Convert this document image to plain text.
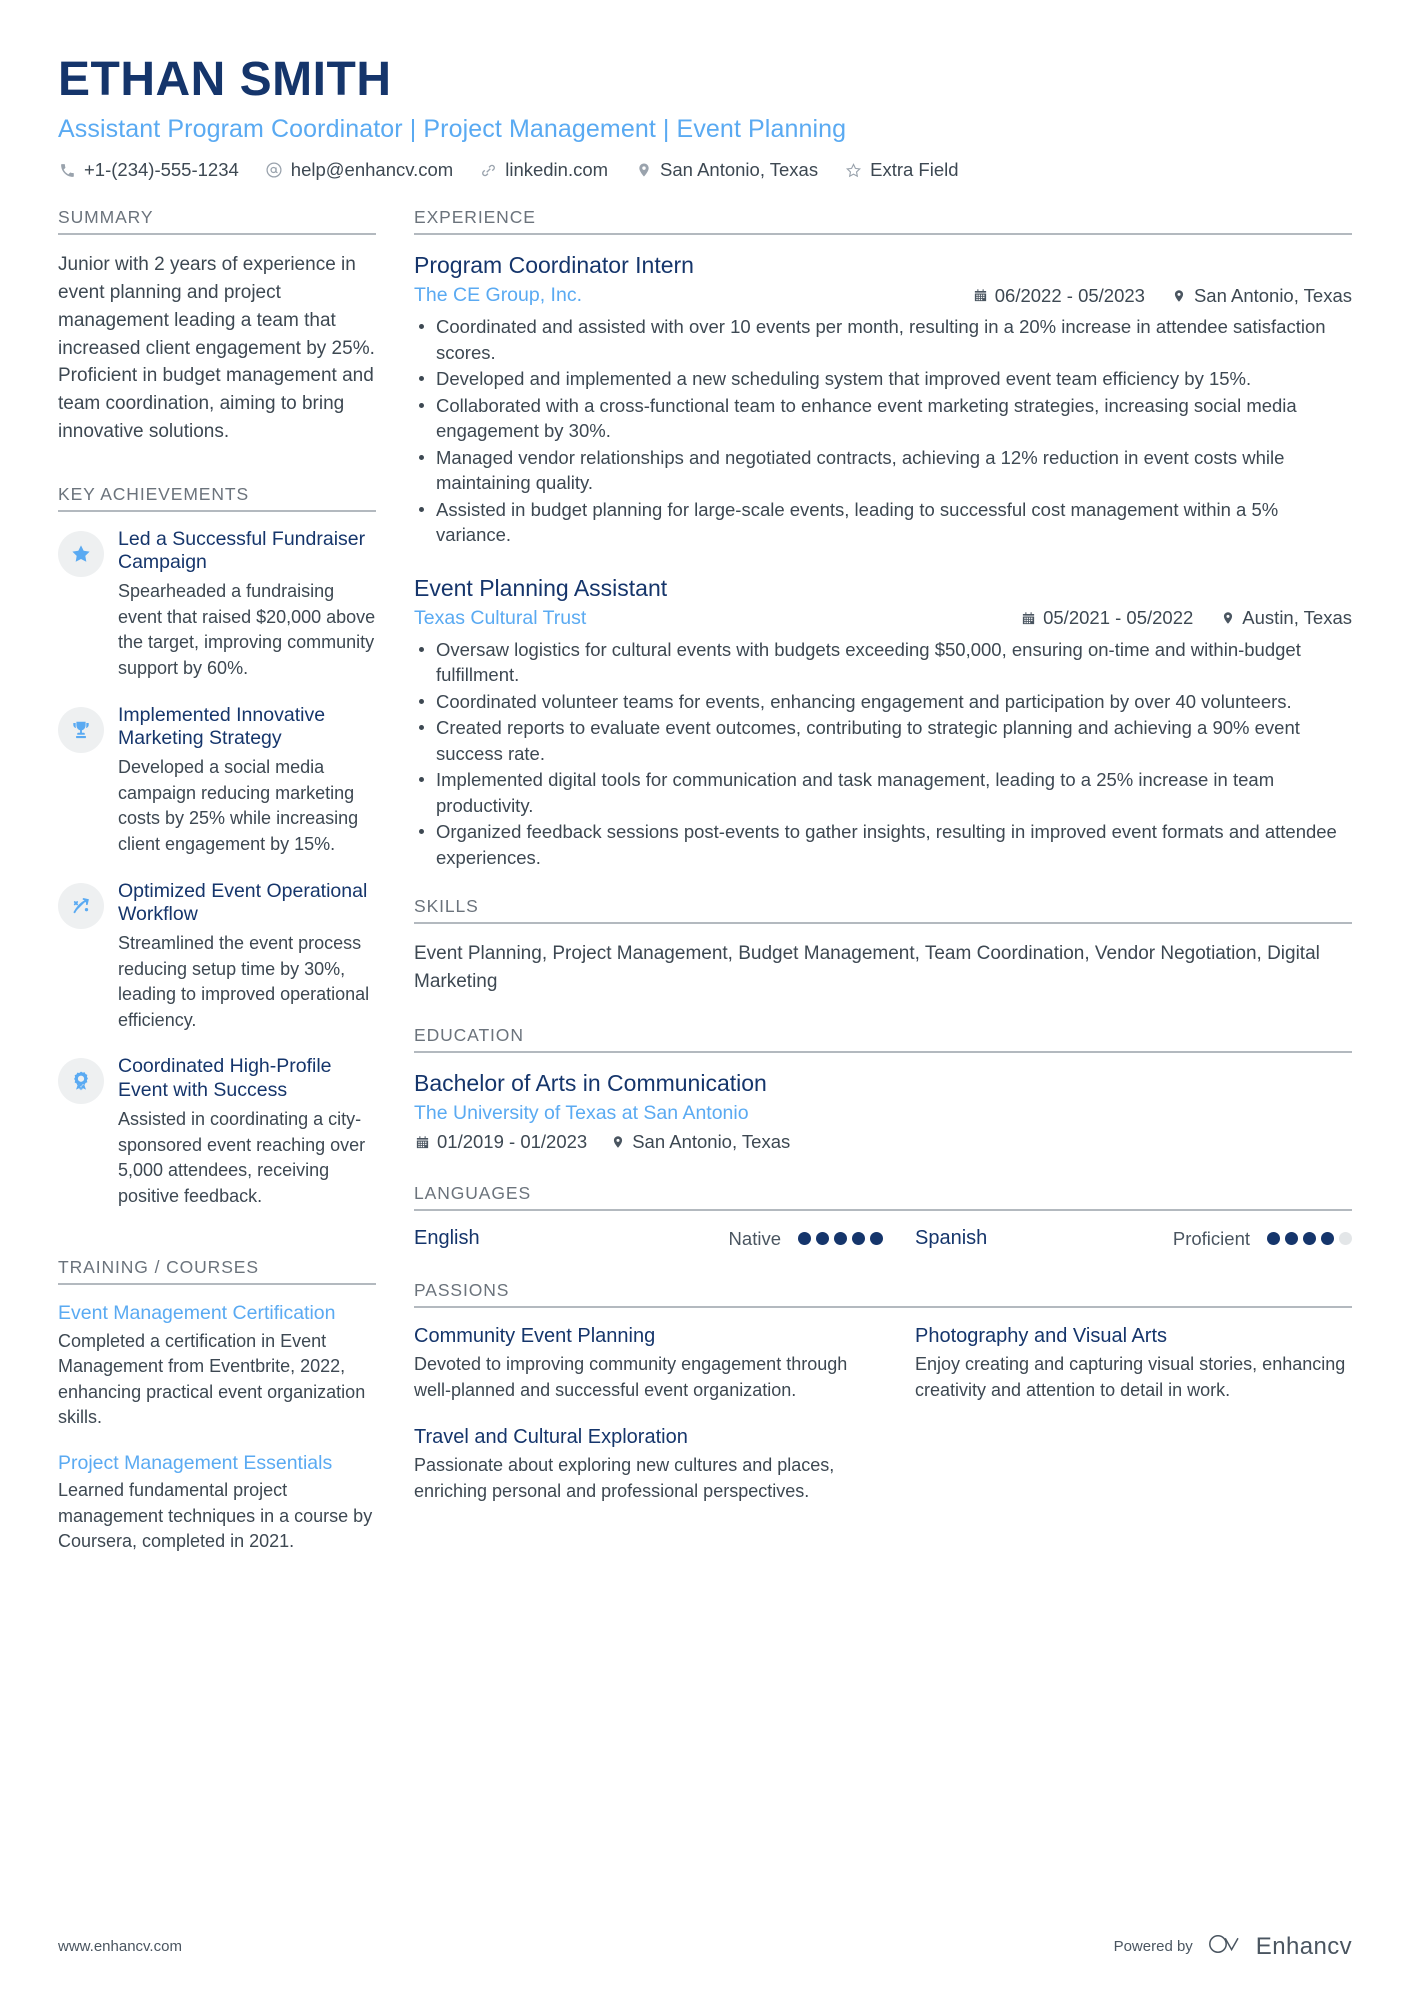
ETHAN SMITH
Assistant Program Coordinator | Project Management | Event Planning
+1-(234)-555-1234	help@enhancv.com	linkedin.com	San Antonio, Texas	Extra Field
SUMMARY
Junior with 2 years of experience in event planning and project management leading a team that increased client engagement by 25%. Proficient in budget management and team coordination, aiming to bring innovative solutions.
KEY ACHIEVEMENTS
Led a Successful Fundraiser Campaign
Spearheaded a fundraising event that raised $20,000 above the target, improving community support by 60%.
Implemented Innovative Marketing Strategy
Developed a social media campaign reducing marketing costs by 25% while increasing client engagement by 15%.
Optimized Event Operational Workflow
Streamlined the event process reducing setup time by 30%, leading to improved operational efficiency.
Coordinated High-Profile Event with Success
Assisted in coordinating a city-sponsored event reaching over 5,000 attendees, receiving positive feedback.
TRAINING / COURSES
Event Management Certification
Completed a certification in Event Management from Eventbrite, 2022, enhancing practical event organization skills.
Project Management Essentials
Learned fundamental project management techniques in a course by Coursera, completed in 2021.
EXPERIENCE
Program Coordinator Intern
The CE Group, Inc.	06/2022 - 05/2023	San Antonio, Texas
Coordinated and assisted with over 10 events per month, resulting in a 20% increase in attendee satisfaction scores.
Developed and implemented a new scheduling system that improved event team efficiency by 15%.
Collaborated with a cross-functional team to enhance event marketing strategies, increasing social media engagement by 30%.
Managed vendor relationships and negotiated contracts, achieving a 12% reduction in event costs while maintaining quality.
Assisted in budget planning for large-scale events, leading to successful cost management within a 5% variance.
Event Planning Assistant
Texas Cultural Trust	05/2021 - 05/2022	Austin, Texas
Oversaw logistics for cultural events with budgets exceeding $50,000, ensuring on-time and within-budget fulfillment.
Coordinated volunteer teams for events, enhancing engagement and participation by over 40 volunteers.
Created reports to evaluate event outcomes, contributing to strategic planning and achieving a 90% event success rate.
Implemented digital tools for communication and task management, leading to a 25% increase in team productivity.
Organized feedback sessions post-events to gather insights, resulting in improved event formats and attendee experiences.
SKILLS
Event Planning, Project Management, Budget Management, Team Coordination, Vendor Negotiation, Digital Marketing
EDUCATION
Bachelor of Arts in Communication
The University of Texas at San Antonio
01/2019 - 01/2023 San Antonio, Texas
LANGUAGES
English	Native	Spanish	Proficient
PASSIONS
Community Event Planning
Devoted to improving community engagement through well-planned and successful event organization.
Photography and Visual Arts
Enjoy creating and capturing visual stories, enhancing creativity and attention to detail in work.
Travel and Cultural Exploration
Passionate about exploring new cultures and places, enriching personal and professional perspectives.
www.enhancv.com	Powered by	Enhancv
